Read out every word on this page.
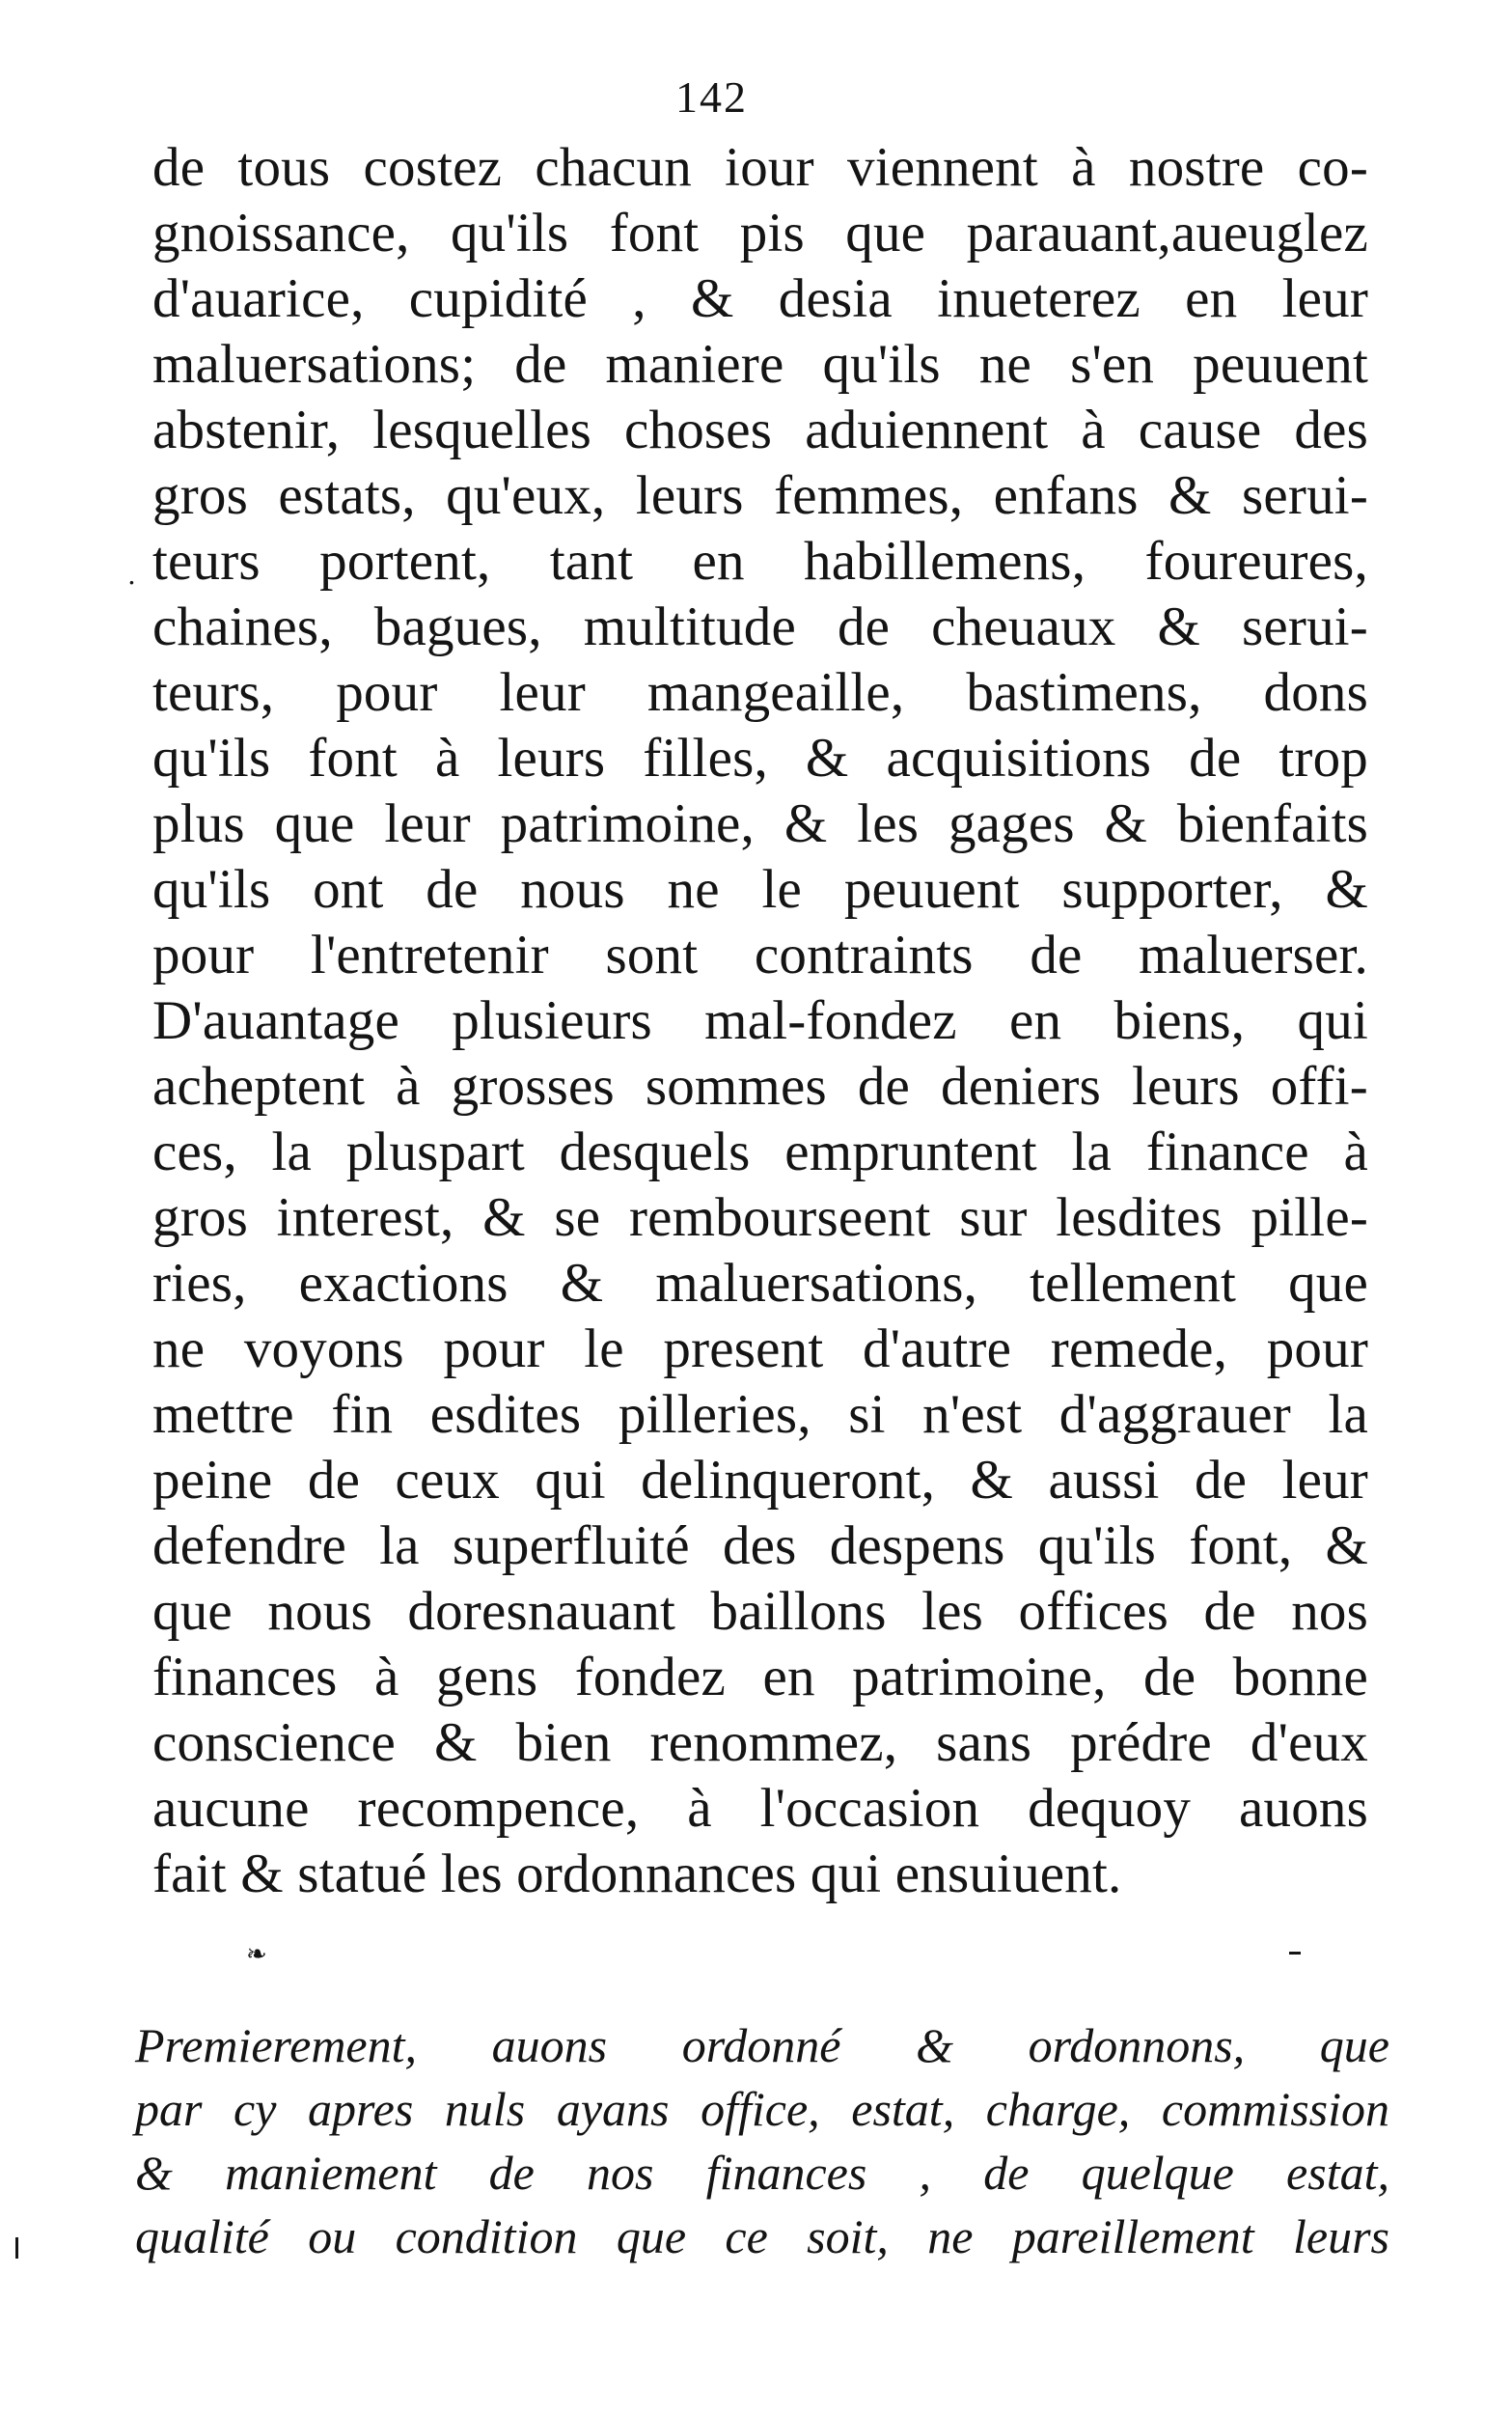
142
.
de tous costez chacun iour viennent à nostre co-
gnoissance, qu'ils font pis que parauant,aueuglez
d'auarice, cupidité , & desia inueterez en leur
maluersations; de maniere qu'ils ne s'en peuuent
abstenir, lesquelles choses aduiennent à cause des
gros estats, qu'eux, leurs femmes, enfans & serui-
teurs portent, tant en habillemens, foureures,
chaines, bagues, multitude de cheuaux & serui-
teurs, pour leur mangeaille, bastimens, dons
qu'ils font à leurs filles, & acquisitions de trop
plus que leur patrimoine, & les gages & bienfaits
qu'ils ont de nous ne le peuuent supporter, &
pour l'entretenir sont contraints de maluerser.
D'auantage plusieurs mal-fondez en biens, qui
acheptent à grosses sommes de deniers leurs offi-
ces, la pluspart desquels empruntent la finance à
gros interest, & se rembourseent sur lesdites pille-
ries, exactions & maluersations, tellement que
ne voyons pour le present d'autre remede, pour
mettre fin esdites pilleries, si n'est d'aggrauer la
peine de ceux qui delinqueront, & aussi de leur
defendre la superfluité des despens qu'ils font, &
que nous doresnauant baillons les offices de nos
finances à gens fondez en patrimoine, de bonne
conscience & bien renommez, sans prédre d'eux
aucune recompence, à l'occasion dequoy auons
fait & statué les ordonnances qui ensuiuent.
❧
Premierement, auons ordonné & ordonnons, que
par cy apres nuls ayans office, estat, charge, commission
& maniement de nos finances , de quelque estat,
qualité ou condition que ce soit, ne pareillement leurs
